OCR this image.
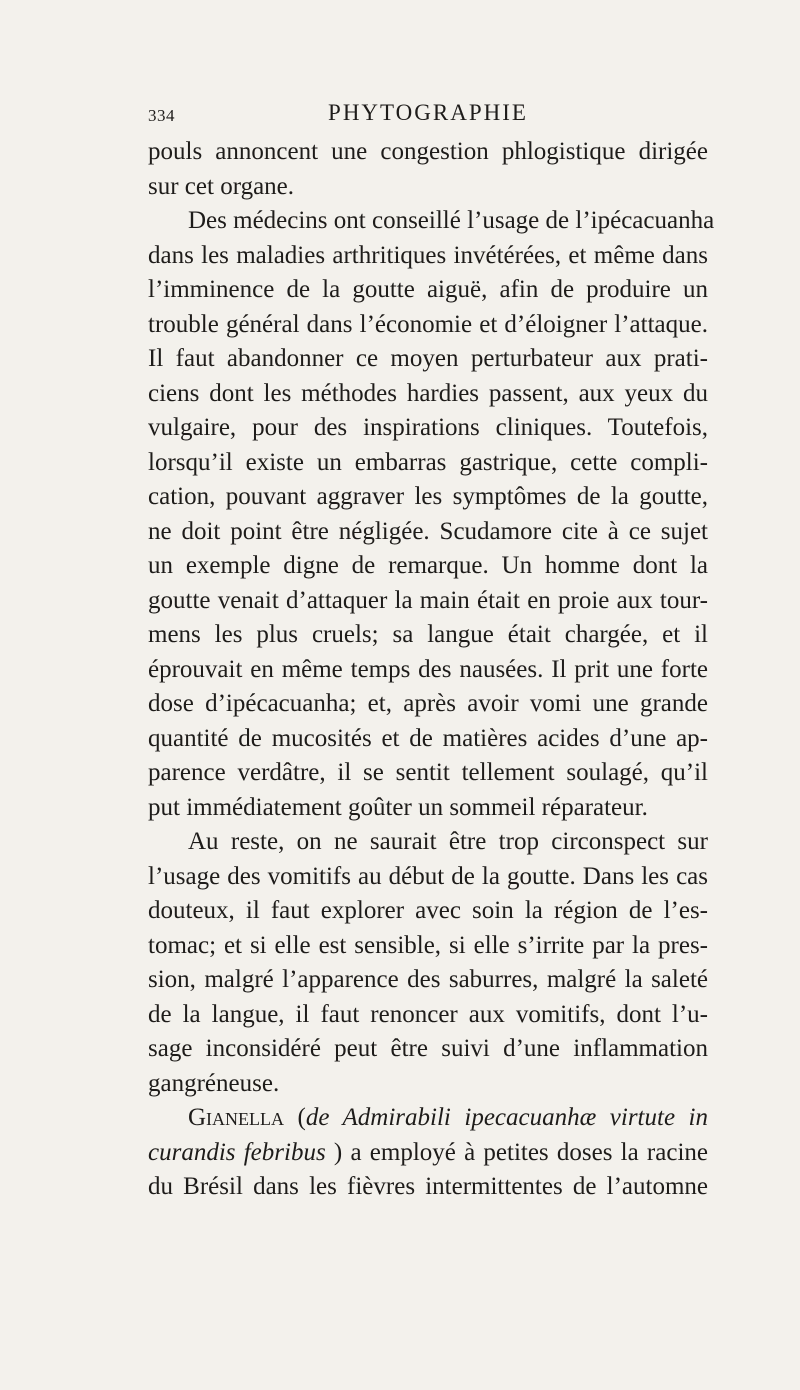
334	PHYTOGRAPHIE
pouls annoncent une congestion phlogistique dirigée
sur cet organe.
Des médecins ont conseillé l’usage de l’ipécacuanha
dans les maladies arthritiques invétérées, et même dans
l’imminence de la goutte aiguë, afin de produire un
trouble général dans l’économie et d’éloigner l’attaque.
Il faut abandonner ce moyen perturbateur aux prati-
ciens dont les méthodes hardies passent, aux yeux du
vulgaire, pour des inspirations cliniques. Toutefois,
lorsqu’il existe un embarras gastrique, cette compli-
cation, pouvant aggraver les symptômes de la goutte,
ne doit point être négligée. Scudamore cite à ce sujet
un exemple digne de remarque. Un homme dont la
goutte venait d’attaquer la main était en proie aux tour-
mens les plus cruels; sa langue était chargée, et il
éprouvait en même temps des nausées. Il prit une forte
dose d’ipécacuanha; et, après avoir vomi une grande
quantité de mucosités et de matières acides d’une ap-
parence verdâtre, il se sentit tellement soulagé, qu’il
put immédiatement goûter un sommeil réparateur.
Au reste, on ne saurait être trop circonspect sur
l’usage des vomitifs au début de la goutte. Dans les cas
douteux, il faut explorer avec soin la région de l’es-
tomac; et si elle est sensible, si elle s’irrite par la pres-
sion, malgré l’apparence des saburres, malgré la saleté
de la langue, il faut renoncer aux vomitifs, dont l’u-
sage inconsidéré peut être suivi d’une inflammation
gangréneuse.
Gianella (de Admirabili ipecacuanhæ virtute in
curandis febribus ) a employé à petites doses la racine
du Brésil dans les fièvres intermittentes de l’automne
